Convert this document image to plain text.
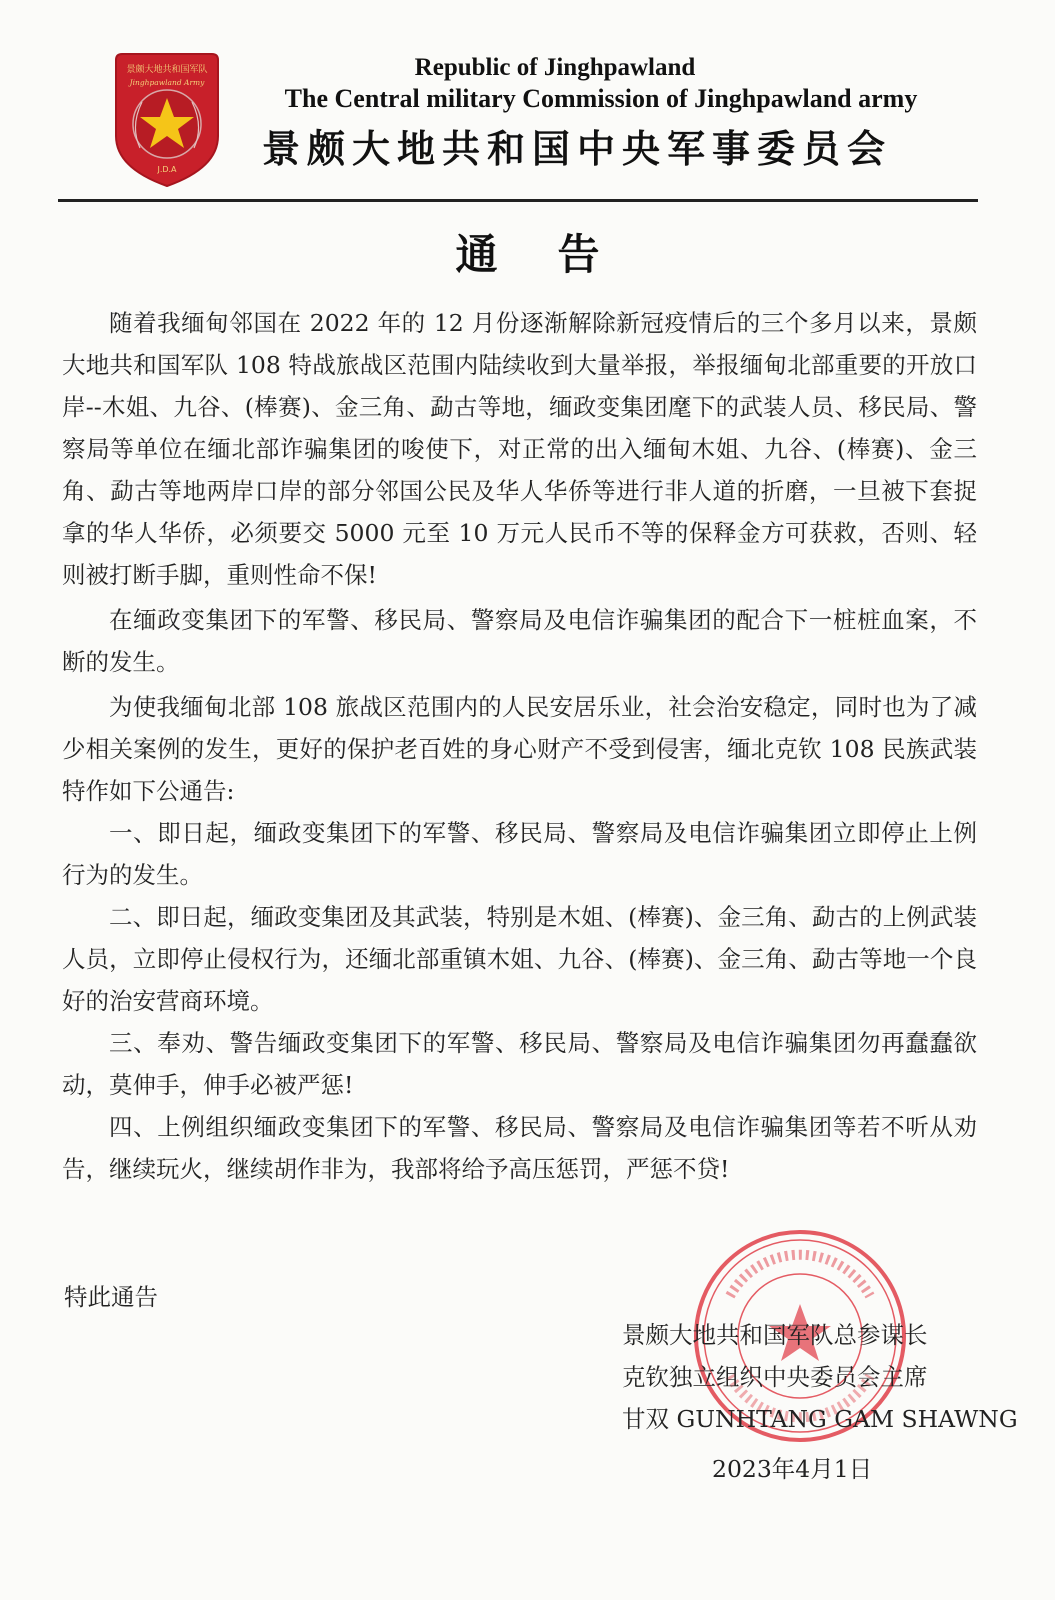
景颇大地共和国军队
Jinghpawland Army
J.D.A
Republic of Jinghpawland
The Central military Commission of Jinghpawland army
景颇大地共和国中央军事委员会
通告

随着我缅甸邻国在 2022 年的 12 月份逐渐解除新冠疫情后的三个多月以来，景颇大地共和国军队 108 特战旅战区范围内陆续收到大量举报，举报缅甸北部重要的开放口岸--木姐、九谷、(棒赛)、金三角、勐古等地，缅政变集团麾下的武装人员、移民局、警察局等单位在缅北部诈骗集团的唆使下，对正常的出入缅甸木姐、九谷、(棒赛)、金三角、勐古等地两岸口岸的部分邻国公民及华人华侨等进行非人道的折磨，一旦被下套捉拿的华人华侨，必须要交 5000 元至 10 万元人民币不等的保释金方可获救，否则、轻则被打断手脚，重则性命不保!

在缅政变集团下的军警、移民局、警察局及电信诈骗集团的配合下一桩桩血案，不断的发生。

为使我缅甸北部 108 旅战区范围内的人民安居乐业，社会治安稳定，同时也为了减少相关案例的发生，更好的保护老百姓的身心财产不受到侵害，缅北克钦 108 民族武装特作如下公通告:

一、即日起，缅政变集团下的军警、移民局、警察局及电信诈骗集团立即停止上例行为的发生。

二、即日起，缅政变集团及其武装，特别是木姐、(棒赛)、金三角、勐古的上例武装人员，立即停止侵权行为，还缅北部重镇木姐、九谷、(棒赛)、金三角、勐古等地一个良好的治安营商环境。

三、奉劝、警告缅政变集团下的军警、移民局、警察局及电信诈骗集团勿再蠢蠢欲动，莫伸手，伸手必被严惩!

四、上例组织缅政变集团下的军警、移民局、警察局及电信诈骗集团等若不听从劝告，继续玩火，继续胡作非为，我部将给予高压惩罚，严惩不贷!

特此通告
景颇大地共和国军队总参谋长
克钦独立组织中央委员会主席
甘双 GUNHTANG GAM SHAWNG
2023年4月1日
